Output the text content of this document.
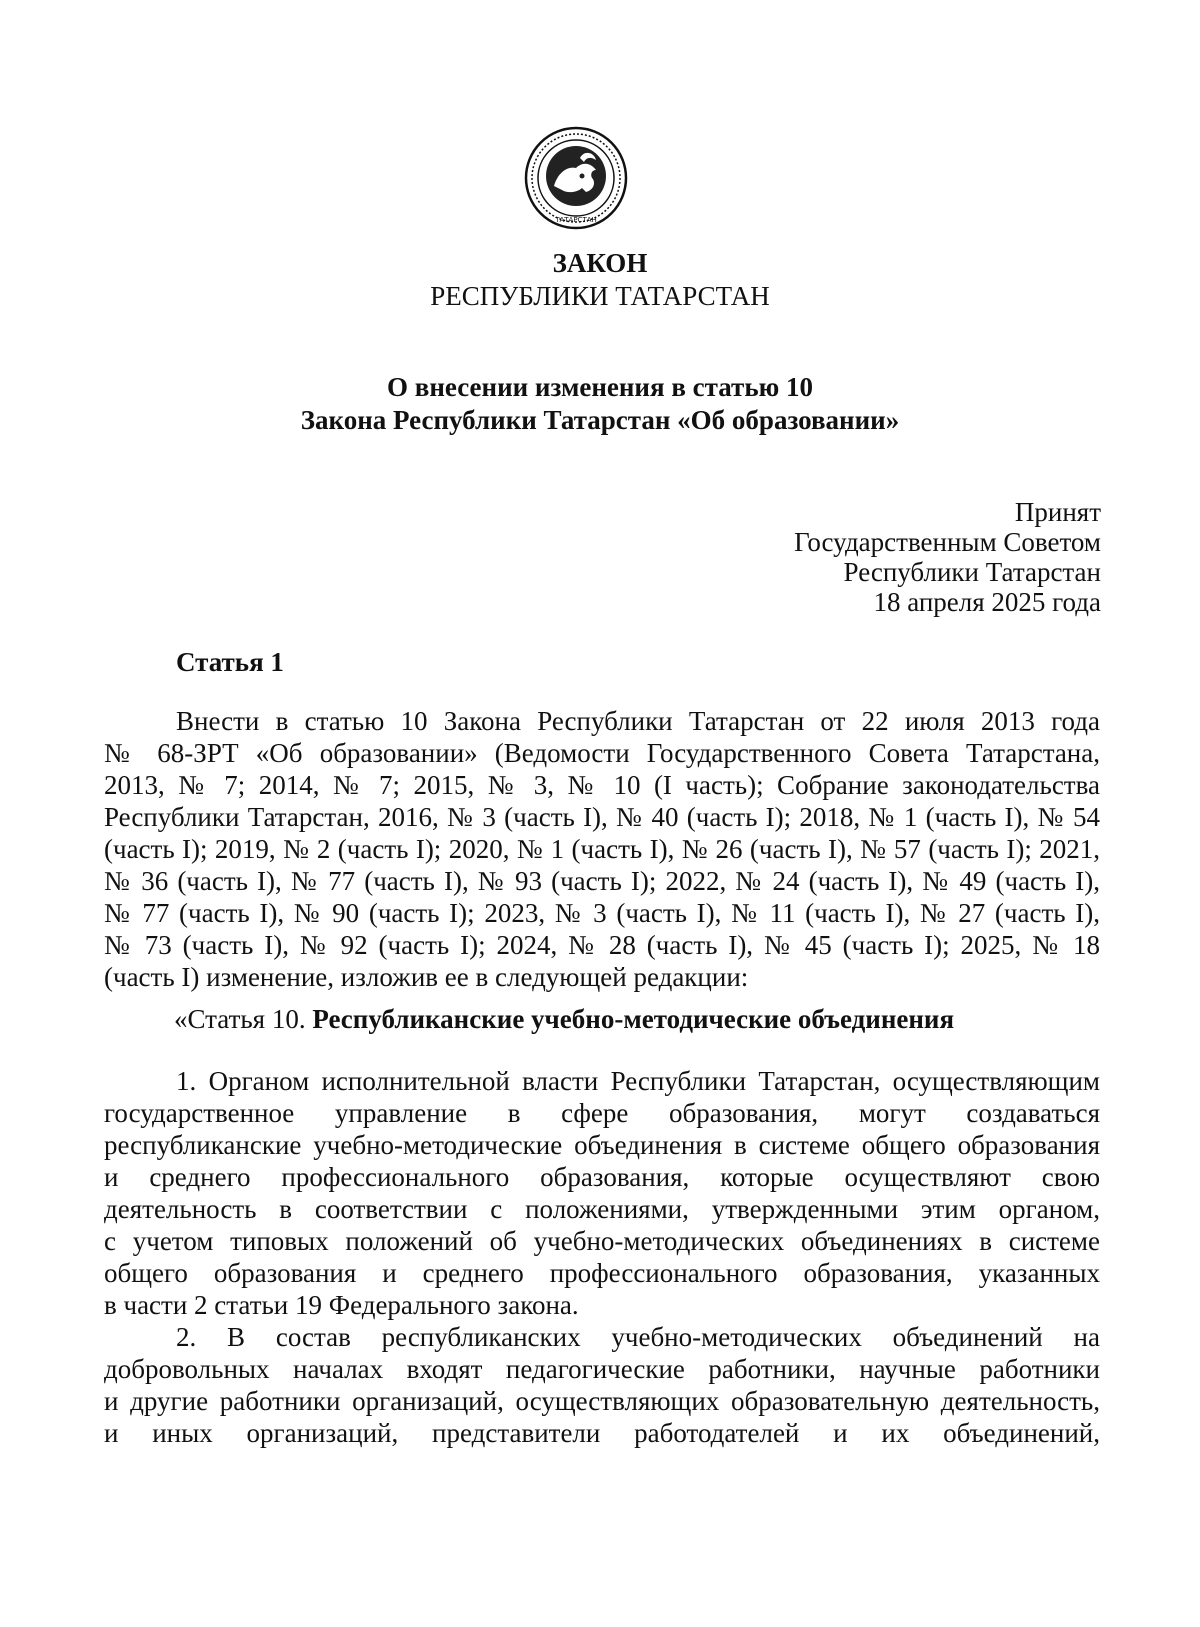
ТАТАРСТАН
ЗАКОН
РЕСПУБЛИКИ ТАТАРСТАН
О внесении изменения в статью 10
Закона Республики Татарстан «Об образовании»
Принят
Государственным Советом
Республики Татарстан
18 апреля 2025 года
Статья 1
Внести в статью 10 Закона Республики Татарстан от 22 июля 2013 года
№ 68-ЗРТ «Об образовании» (Ведомости Государственного Совета Татарстана,
2013, № 7; 2014, № 7; 2015, № 3, № 10 (I часть); Собрание законодательства
Республики Татарстан, 2016, № 3 (часть I), № 40 (часть I); 2018, № 1 (часть I), № 54
(часть I); 2019, № 2 (часть I); 2020, № 1 (часть I), № 26 (часть I), № 57 (часть I); 2021,
№ 36 (часть I), № 77 (часть I), № 93 (часть I); 2022, № 24 (часть I), № 49 (часть I),
№ 77 (часть I), № 90 (часть I); 2023, № 3 (часть I), № 11 (часть I), № 27 (часть I),
№ 73 (часть I), № 92 (часть I); 2024, № 28 (часть I), № 45 (часть I); 2025, № 18
(часть I) изменение, изложив ее в следующей редакции:
«Статья 10. Республиканские учебно-методические объединения
1. Органом исполнительной власти Республики Татарстан, осуществляющим
государственное управление в сфере образования, могут создаваться
республиканские учебно-методические объединения в системе общего образования
и среднего профессионального образования, которые осуществляют свою
деятельность в соответствии с положениями, утвержденными этим органом,
с учетом типовых положений об учебно-методических объединениях в системе
общего образования и среднего профессионального образования, указанных
в части 2 статьи 19 Федерального закона.
2. В состав республиканских учебно-методических объединений на
добровольных началах входят педагогические работники, научные работники
и другие работники организаций, осуществляющих образовательную деятельность,
и иных организаций, представители работодателей и их объединений,
